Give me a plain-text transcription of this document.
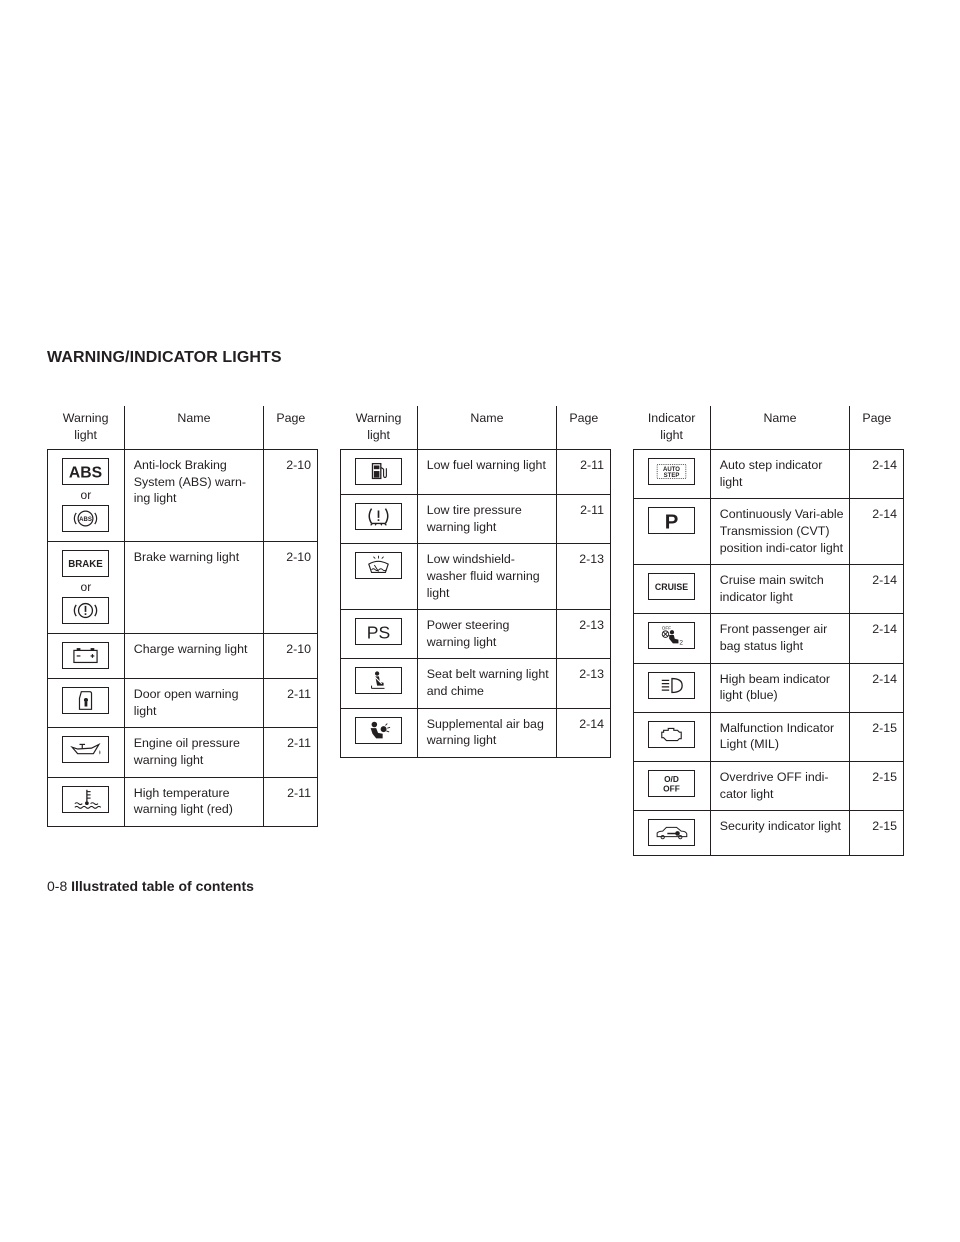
WARNING/INDICATOR LIGHTS
Warning light	Name	Page

ABS
or
ABS	Anti-lock Braking System (ABS) warn-ing light	2-10

BRAKE
or	Brake warning light	2-10

	Charge warning light	2-10

	Door open warning light	2-11

	Engine oil pressure warning light	2-11

	High temperature warning light (red)	2-11
Warning light	Name	Page

	Low fuel warning light	2-11

	Low tire pressure warning light	2-11

	Low windshield-washer fluid warning light	2-13

PS	Power steering warning light	2-13

	Seat belt warning light and chime	2-13

	Supplemental air bag warning light	2-14
Indicator light	Name	Page

AUTO
STEP	Auto step indicator light	2-14

P	Continuously Vari-able Transmission (CVT) position indi-cator light	2-14

CRUISE	Cruise main switch indicator light	2-14

OFF
2	Front passenger air bag status light	2-14

	High beam indicator light (blue)	2-14

	Malfunction Indicator Light (MIL)	2-15

O/D
OFF	Overdrive OFF indi-cator light	2-15

	Security indicator light	2-15
0-8 Illustrated table of contents
